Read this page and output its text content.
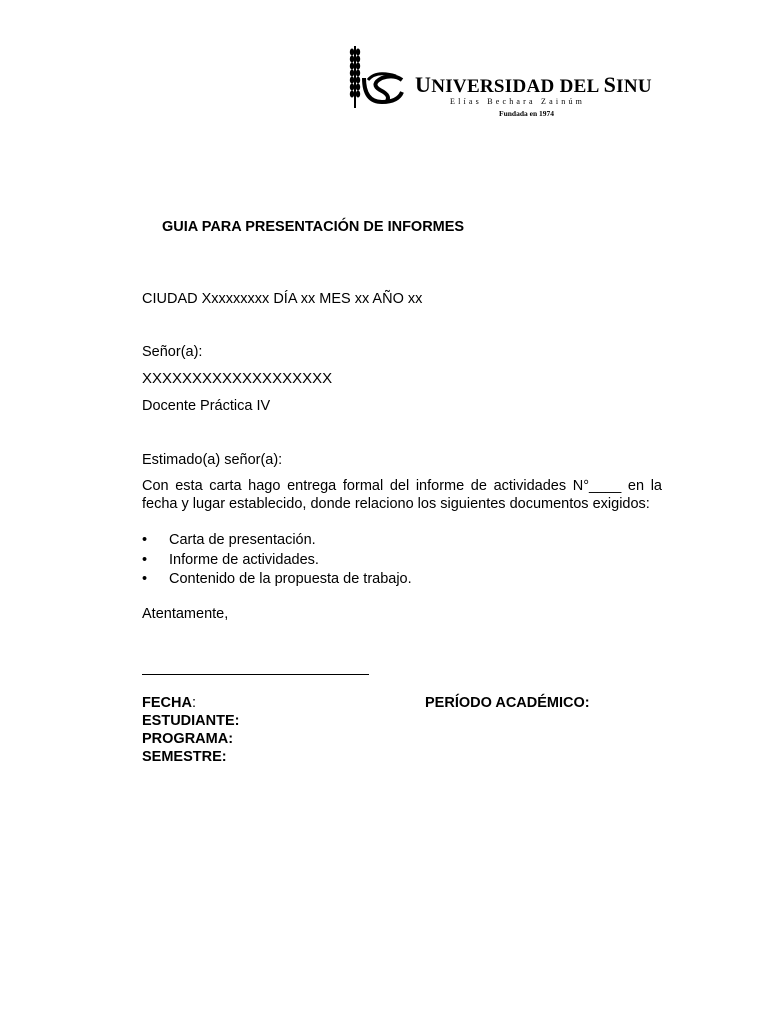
UNIVERSIDAD DEL SINU
Elías Bechara Zainúm
Fundada en 1974
GUIA PARA PRESENTACIÓN DE INFORMES
CIUDAD Xxxxxxxxx DÍA xx MES xx AÑO xx
Señor(a):
XXXXXXXXXXXXXXXXXXX
Docente Práctica IV
Estimado(a) señor(a):
Con esta carta hago entrega formal del informe de actividades N°____ en la fecha y lugar establecido, donde relaciono los siguientes documentos exigidos:
• Carta de presentación.
• Informe de actividades.
• Contenido de la propuesta de trabajo.
Atentamente,
FECHA:	PERÍODO ACADÉMICO:
ESTUDIANTE:
PROGRAMA:
SEMESTRE:
